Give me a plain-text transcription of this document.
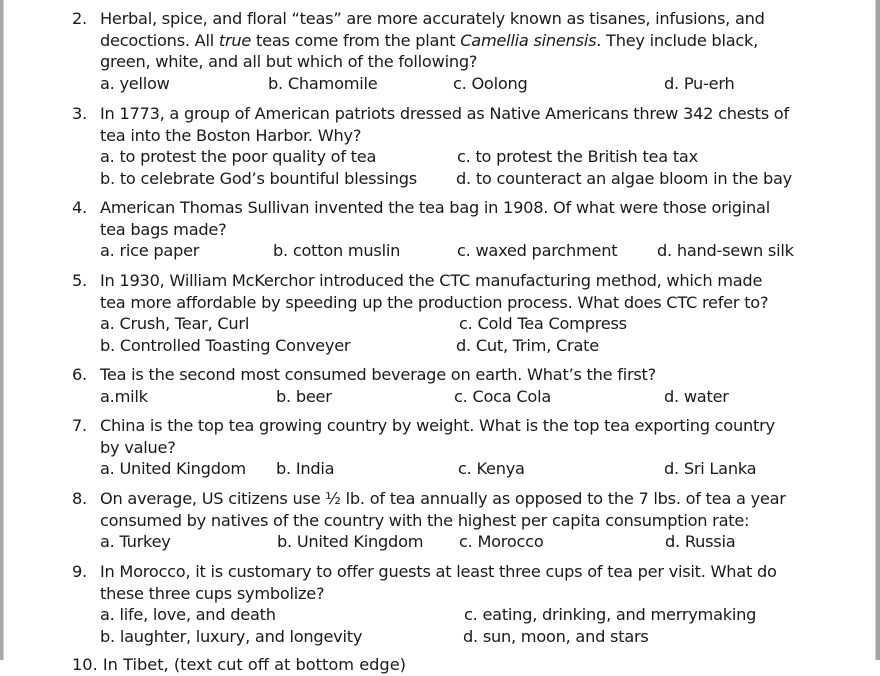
2. Herbal, spice, and floral “teas” are more accurately known as tisanes, infusions, and
decoctions. All true teas come from the plant Camellia sinensis. They include black,
green, white, and all but which of the following?
a. yellow	b. Chamomile	c. Oolong	d. Pu-erh
3. In 1773, a group of American patriots dressed as Native Americans threw 342 chests of
tea into the Boston Harbor. Why?
a. to protest the poor quality of tea	c. to protest the British tea tax
b. to celebrate God’s bountiful blessings d. to counteract an algae bloom in the bay
4. American Thomas Sullivan invented the tea bag in 1908. Of what were those original
tea bags made?
a. rice paper	b. cotton muslin	c. waxed parchment d. hand-sewn silk
5. In 1930, William McKerchor introduced the CTC manufacturing method, which made
tea more affordable by speeding up the production process. What does CTC refer to?
a. Crush, Tear, Curl	c. Cold Tea Compress
b. Controlled Toasting Conveyer	d. Cut, Trim, Crate
6. Tea is the second most consumed beverage on earth. What’s the first?
a.milk	b. beer	c. Coca Cola	d. water
7. China is the top tea growing country by weight. What is the top tea exporting country
by value?
a. United Kingdom b. India	c. Kenya	d. Sri Lanka
8. On average, US citizens use ½ lb. of tea annually as opposed to the 7 lbs. of tea a year
consumed by natives of the country with the highest per capita consumption rate:
a. Turkey	b. United Kingdom c. Morocco	d. Russia
9. In Morocco, it is customary to offer guests at least three cups of tea per visit. What do
these three cups symbolize?
a. life, love, and death	c. eating, drinking, and merrymaking
b. laughter, luxury, and longevity	d. sun, moon, and stars
10. In Tibet, (text cut off at bottom edge)
